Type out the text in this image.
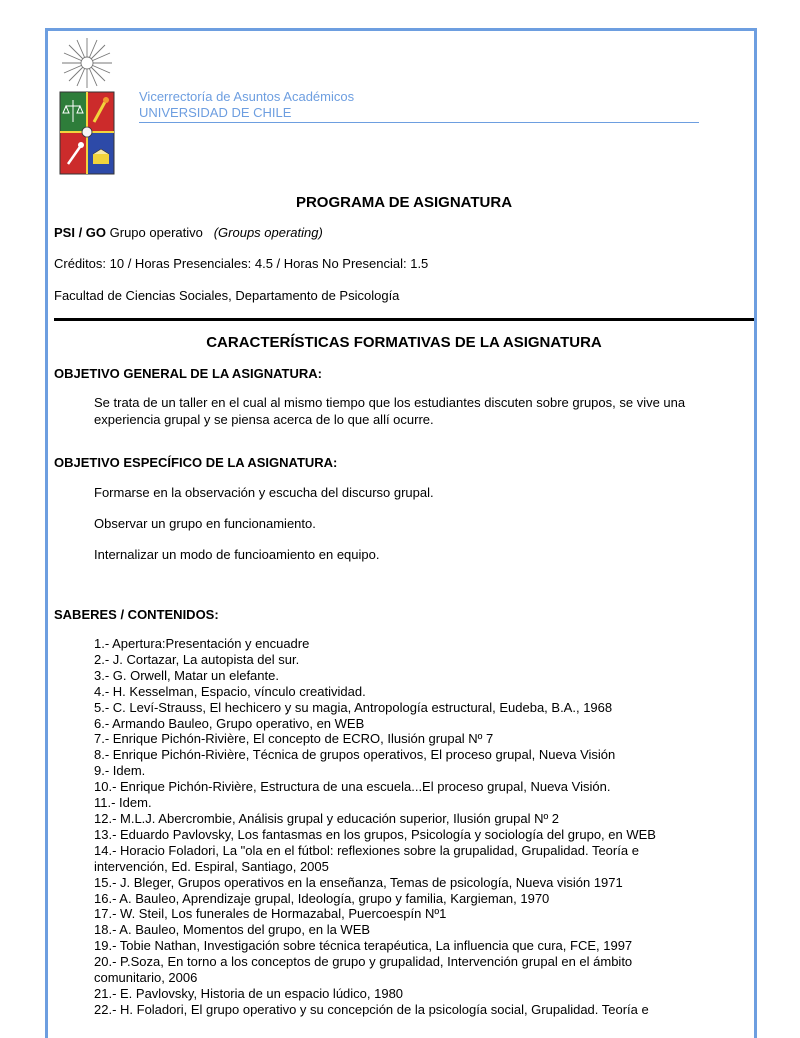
Vicerrectoría de Asuntos Académicos
UNIVERSIDAD DE CHILE
PROGRAMA DE ASIGNATURA
PSI / GO Grupo operativo (Groups operating)
Créditos: 10 / Horas Presenciales: 4.5 / Horas No Presencial: 1.5
Facultad de Ciencias Sociales, Departamento de Psicología
CARACTERÍSTICAS FORMATIVAS DE LA ASIGNATURA
OBJETIVO GENERAL DE LA ASIGNATURA:
Se trata de un taller en el cual al mismo tiempo que los estudiantes discuten sobre grupos, se vive una experiencia grupal y se piensa acerca de lo que allí ocurre.
OBJETIVO ESPECÍFICO DE LA ASIGNATURA:
Formarse en la observación y escucha del discurso grupal.
Observar un grupo en funcionamiento.
Internalizar un modo de funcioamiento en equipo.
SABERES / CONTENIDOS:
1.- Apertura:Presentación y encuadre
2.- J. Cortazar, La autopista del sur.
3.- G. Orwell, Matar un elefante.
4.- H. Kesselman, Espacio, vínculo creatividad.
5.- C. Leví-Strauss, El hechicero y su magia, Antropología estructural, Eudeba, B.A., 1968
6.- Armando Bauleo, Grupo operativo, en WEB
7.- Enrique Pichón-Rivière, El concepto de ECRO, Ilusión grupal Nº 7
8.- Enrique Pichón-Rivière, Técnica de grupos operativos, El proceso grupal, Nueva Visión
9.- Idem.
10.- Enrique Pichón-Rivière, Estructura de una escuela...El proceso grupal, Nueva Visión.
11.- Idem.
12.- M.L.J. Abercrombie, Análisis grupal y educación superior, Ilusión grupal Nº 2
13.- Eduardo Pavlovsky, Los fantasmas en los grupos, Psicología y sociología del grupo, en WEB
14.- Horacio Foladori, La "ola en el fútbol: reflexiones sobre la grupalidad, Grupalidad. Teoría e intervención, Ed. Espiral, Santiago, 2005
15.- J. Bleger, Grupos operativos en la enseñanza, Temas de psicología, Nueva visión 1971
16.- A. Bauleo, Aprendizaje grupal, Ideología, grupo y familia, Kargieman, 1970
17.- W. Steil, Los funerales de Hormazabal, Puercoespín Nº1
18.- A. Bauleo, Momentos del grupo, en la WEB
19.- Tobie Nathan, Investigación sobre técnica terapéutica, La influencia que cura, FCE, 1997
20.- P.Soza, En torno a los conceptos de grupo y grupalidad, Intervención grupal en el ámbito comunitario, 2006
21.- E. Pavlovsky, Historia de un espacio lúdico, 1980
22.- H. Foladori, El grupo operativo y su concepción de la psicología social, Grupalidad. Teoría e
